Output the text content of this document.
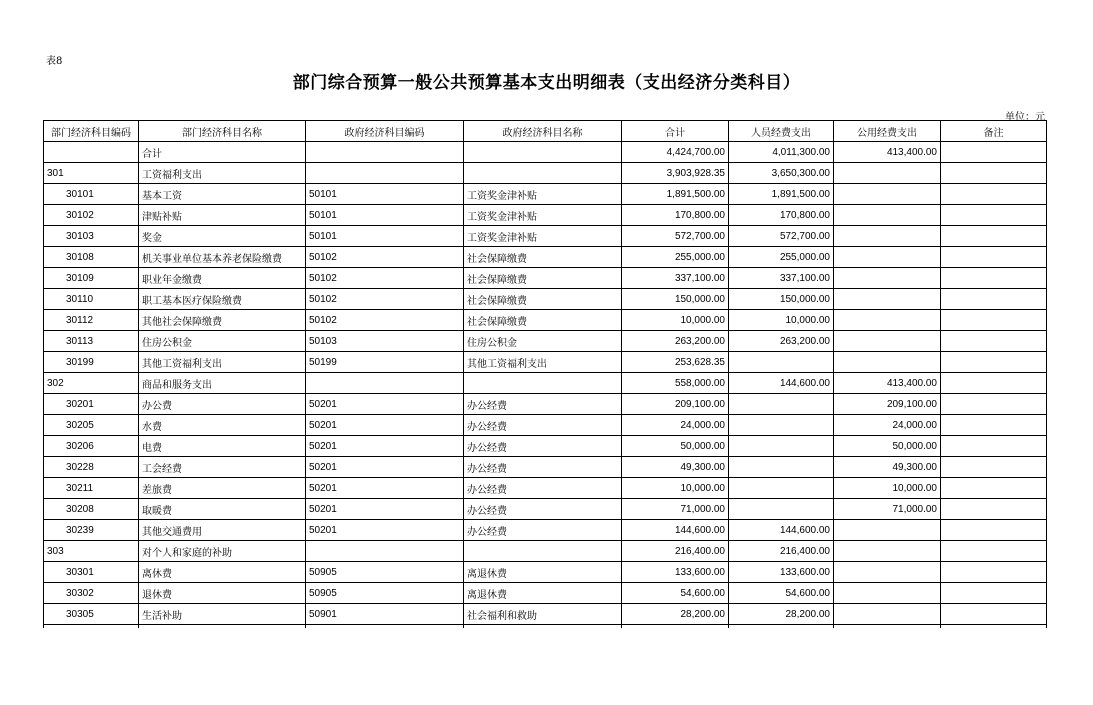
表8
部门综合预算一般公共预算基本支出明细表（支出经济分类科目）
单位：元
部门经济科目编码	部门经济科目名称	政府经济科目编码	政府经济科目名称	合计	人员经费支出	公用经费支出	备注
	合计			4,424,700.00	4,011,300.00	413,400.00	
301	工资福利支出			3,903,928.35	3,650,300.00		
30101	基本工资	50101	工资奖金津补贴	1,891,500.00	1,891,500.00		
30102	津贴补贴	50101	工资奖金津补贴	170,800.00	170,800.00		
30103	奖金	50101	工资奖金津补贴	572,700.00	572,700.00		
30108	机关事业单位基本养老保险缴费	50102	社会保障缴费	255,000.00	255,000.00		
30109	职业年金缴费	50102	社会保障缴费	337,100.00	337,100.00		
30110	职工基本医疗保险缴费	50102	社会保障缴费	150,000.00	150,000.00		
30112	其他社会保障缴费	50102	社会保障缴费	10,000.00	10,000.00		
30113	住房公积金	50103	住房公积金	263,200.00	263,200.00		
30199	其他工资福利支出	50199	其他工资福利支出	253,628.35			
302	商品和服务支出			558,000.00	144,600.00	413,400.00	
30201	办公费	50201	办公经费	209,100.00		209,100.00	
30205	水费	50201	办公经费	24,000.00		24,000.00	
30206	电费	50201	办公经费	50,000.00		50,000.00	
30228	工会经费	50201	办公经费	49,300.00		49,300.00	
30211	差旅费	50201	办公经费	10,000.00		10,000.00	
30208	取暖费	50201	办公经费	71,000.00		71,000.00	
30239	其他交通费用	50201	办公经费	144,600.00	144,600.00		
303	对个人和家庭的补助			216,400.00	216,400.00		
30301	离休费	50905	离退休费	133,600.00	133,600.00		
30302	退休费	50905	离退休费	54,600.00	54,600.00		
30305	生活补助	50901	社会福利和救助	28,200.00	28,200.00		
